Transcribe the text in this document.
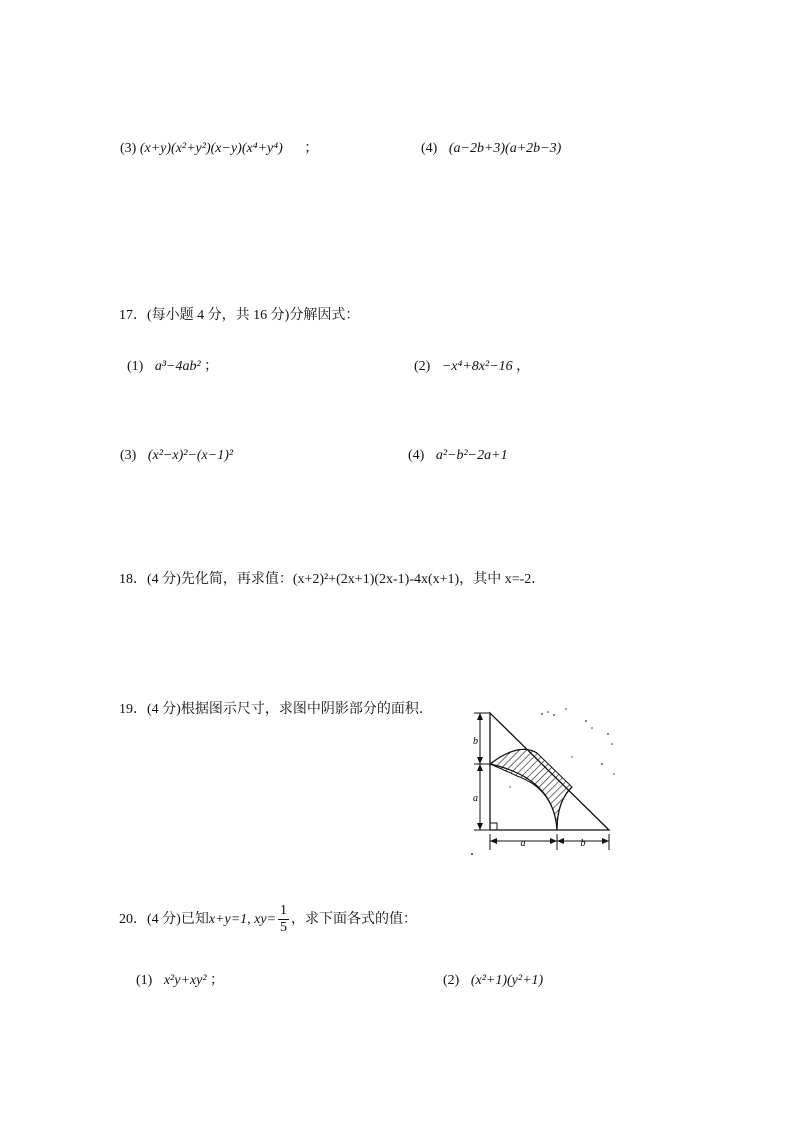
(3) (x+y)(x²+y²)(x−y)(x⁴+y⁴) ；	(4) (a−2b+3)(a+2b−3)
17．(每小题 4 分，共 16 分)分解因式：
(1) a³−4ab² ；	(2) −x⁴+8x²−16 ，
(3) (x²−x)²−(x−1)²	(4) a²−b²−2a+1
18．(4 分)先化简，再求值：(x+2)²+(2x+1)(2x-1)-4x(x+1)，其中 x=-2．
19．(4 分)根据图示尺寸，求图中阴影部分的面积．
b
a
a	b
20．(4 分)已知x+y=1, $xy= \frac{1}{5}$ ，求下面各式的值：
(1) x²y+xy² ；	(2) (x²+1)(y²+1)
